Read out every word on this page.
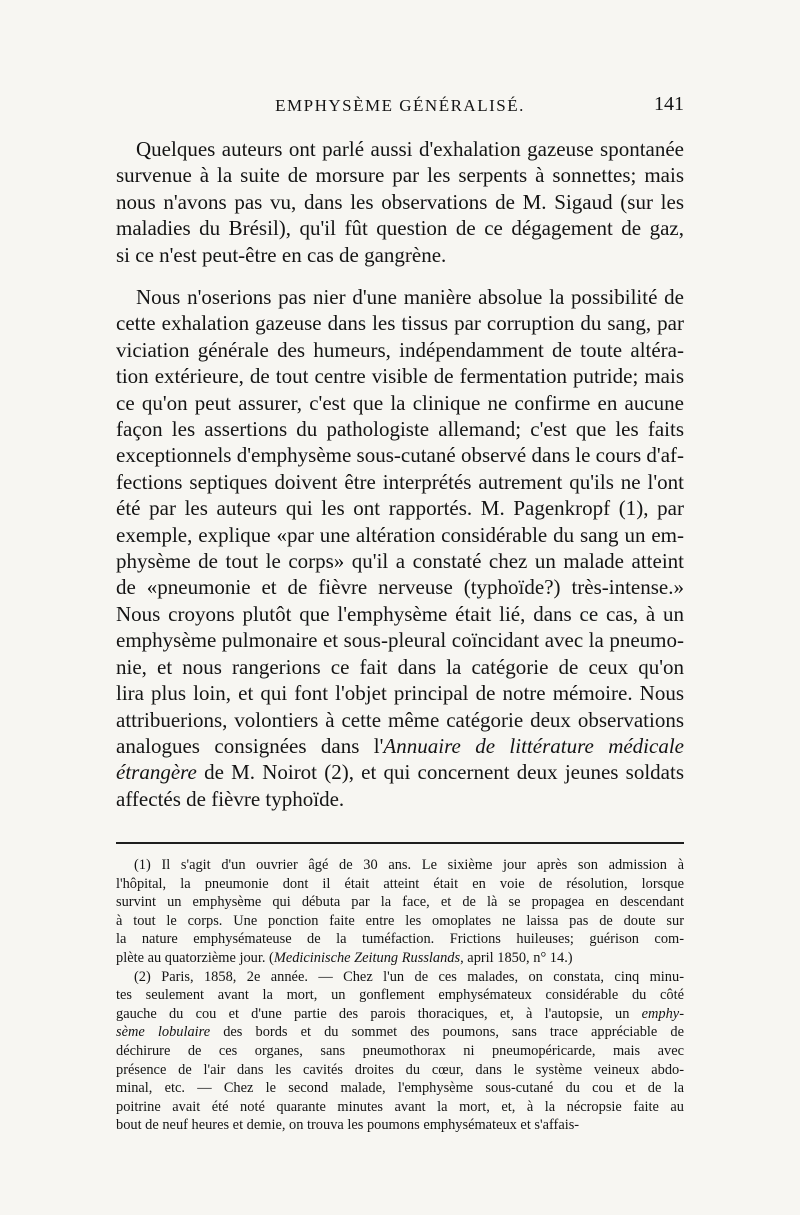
EMPHYSÈME GÉNÉRALISÉ.	141
Quelques auteurs ont parlé aussi d'exhalation gazeuse spontanée
survenue à la suite de morsure par les serpents à sonnettes; mais
nous n'avons pas vu, dans les observations de M. Sigaud (sur les
maladies du Brésil), qu'il fût question de ce dégagement de gaz,
si ce n'est peut-être en cas de gangrène.
Nous n'oserions pas nier d'une manière absolue la possibilité de
cette exhalation gazeuse dans les tissus par corruption du sang, par
viciation générale des humeurs, indépendamment de toute altéra-
tion extérieure, de tout centre visible de fermentation putride; mais
ce qu'on peut assurer, c'est que la clinique ne confirme en aucune
façon les assertions du pathologiste allemand; c'est que les faits
exceptionnels d'emphysème sous-cutané observé dans le cours d'af-
fections septiques doivent être interprétés autrement qu'ils ne l'ont
été par les auteurs qui les ont rapportés. M. Pagenkropf (1), par
exemple, explique «par une altération considérable du sang un em-
physème de tout le corps» qu'il a constaté chez un malade atteint
de «pneumonie et de fièvre nerveuse (typhoïde?) très-intense.»
Nous croyons plutôt que l'emphysème était lié, dans ce cas, à un
emphysème pulmonaire et sous-pleural coïncidant avec la pneumo-
nie, et nous rangerions ce fait dans la catégorie de ceux qu'on
lira plus loin, et qui font l'objet principal de notre mémoire. Nous
attribuerions, volontiers à cette même catégorie deux observations
analogues consignées dans l'Annuaire de littérature médicale
étrangère de M. Noirot (2), et qui concernent deux jeunes soldats
affectés de fièvre typhoïde.
(1) Il s'agit d'un ouvrier âgé de 30 ans. Le sixième jour après son admission à
l'hôpital, la pneumonie dont il était atteint était en voie de résolution, lorsque
survint un emphysème qui débuta par la face, et de là se propagea en descendant
à tout le corps. Une ponction faite entre les omoplates ne laissa pas de doute sur
la nature emphysémateuse de la tuméfaction. Frictions huileuses; guérison com-
plète au quatorzième jour. (Medicinische Zeitung Russlands, april 1850, n° 14.)
(2) Paris, 1858, 2e année. — Chez l'un de ces malades, on constata, cinq minu-
tes seulement avant la mort, un gonflement emphysémateux considérable du côté
gauche du cou et d'une partie des parois thoraciques, et, à l'autopsie, un emphy-
sème lobulaire des bords et du sommet des poumons, sans trace appréciable de
déchirure de ces organes, sans pneumothorax ni pneumopéricarde, mais avec
présence de l'air dans les cavités droites du cœur, dans le système veineux abdo-
minal, etc. — Chez le second malade, l'emphysème sous-cutané du cou et de la
poitrine avait été noté quarante minutes avant la mort, et, à la nécropsie faite au
bout de neuf heures et demie, on trouva les poumons emphysémateux et s'affais-
